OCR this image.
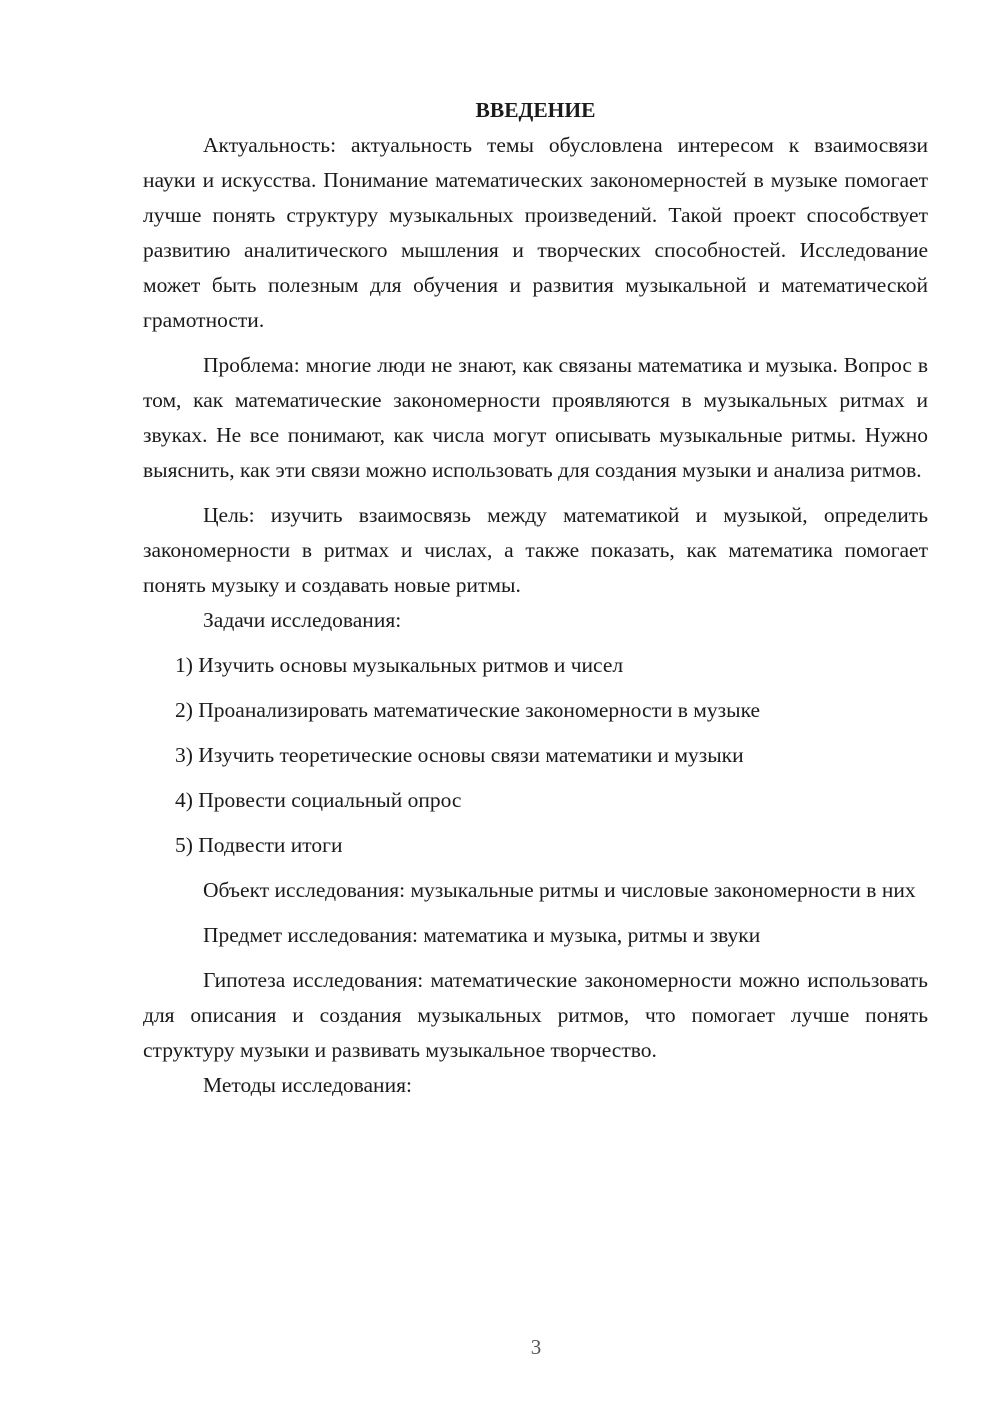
ВВЕДЕНИЕ

Актуальность: актуальность темы обусловлена интересом к взаимосвязи науки и искусства. Понимание математических закономерностей в музыке помогает лучше понять структуру музыкальных произведений. Такой проект способствует развитию аналитического мышления и творческих способностей. Исследование может быть полезным для обучения и развития музыкальной и математической грамотности.

Проблема: многие люди не знают, как связаны математика и музыка. Вопрос в том, как математические закономерности проявляются в музыкальных ритмах и звуках. Не все понимают, как числа могут описывать музыкальные ритмы. Нужно выяснить, как эти связи можно использовать для создания музыки и анализа ритмов.

Цель: изучить взаимосвязь между математикой и музыкой, определить закономерности в ритмах и числах, а также показать, как математика помогает понять музыку и создавать новые ритмы.

Задачи исследования:

1) Изучить основы музыкальных ритмов и чисел

2) Проанализировать математические закономерности в музыке

3) Изучить теоретические основы связи математики и музыки

4) Провести социальный опрос

5) Подвести итоги

Объект исследования: музыкальные ритмы и числовые закономерности в них

Предмет исследования: математика и музыка, ритмы и звуки

Гипотеза исследования: математические закономерности можно использовать для описания и создания музыкальных ритмов, что помогает лучше понять структуру музыки и развивать музыкальное творчество.

Методы исследования:

3
